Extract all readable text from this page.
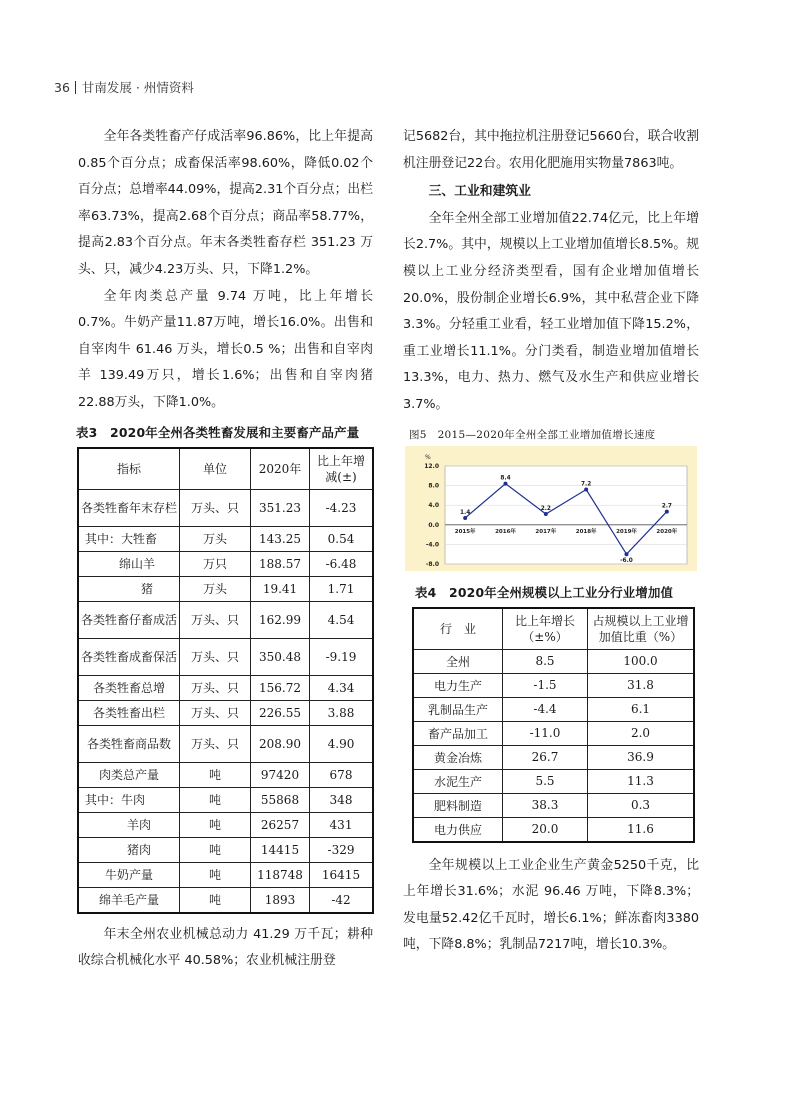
36 甘南发展 · 州情资料

全年各类牲畜产仔成活率96.86%，比上年提高0.85个百分点；成畜保活率98.60%，降低0.02个百分点；总增率44.09%，提高2.31个百分点；出栏率63.73%，提高2.68个百分点；商品率58.77%，提高2.83个百分点。年末各类牲畜存栏 351.23 万头、只，减少4.23万头、只，下降1.2%。

全年肉类总产量 9.74 万吨，比上年增长0.7%。牛奶产量11.87万吨，增长16.0%。出售和自宰肉牛 61.46 万头，增长0.5 %；出售和自宰肉羊 139.49万只，增长1.6%；出售和自宰肉猪22.88万头，下降1.0%。

表3　2020年全州各类牲畜发展和主要畜产品产量
指标	单位	2020年	比上年增减(±)
各类牲畜年末存栏	万头、只	351.23	-4.23
其中：大牲畜	万头	143.25	0.54
绵山羊	万只	188.57	-6.48
猪	万头	19.41	1.71
各类牲畜仔畜成活	万头、只	162.99	4.54
各类牲畜成畜保活	万头、只	350.48	-9.19
各类牲畜总增	万头、只	156.72	4.34
各类牲畜出栏	万头、只	226.55	3.88
各类牲畜商品数	万头、只	208.90	4.90
肉类总产量	吨	97420	678
其中：牛肉	吨	55868	348
羊肉	吨	26257	431
猪肉	吨	14415	-329
牛奶产量	吨	118748	16415
绵羊毛产量	吨	1893	-42

年末全州农业机械总动力 41.29 万千瓦；耕种收综合机械化水平 40.58%；农业机械注册登

记5682台，其中拖拉机注册登记5660台，联合收割机注册登记22台。农用化肥施用实物量7863吨。

三、工业和建筑业

全年全州全部工业增加值22.74亿元，比上年增长2.7%。其中，规模以上工业增加值增长8.5%。规模以上工业分经济类型看，国有企业增加值增长20.0%，股份制企业增长6.9%，其中私营企业下降3.3%。分轻重工业看，轻工业增加值下降15.2%，重工业增长11.1%。分门类看，制造业增加值增长13.3%，电力、热力、燃气及水生产和供应业增长3.7%。

图5　2015—2020年全州全部工业增加值增长速度
%
12.0
8.0
4.0
0.0
-4.0
-8.0
2015年	2016年	2017年	2018年	2019年	2020年
1.4
8.4
2.2
7.2
-6.0
2.7
表4　2020年全州规模以上工业分行业增加值
行　业	比上年增长（±%）	占规模以上工业增加值比重（%）
全州	8.5	100.0
电力生产	-1.5	31.8
乳制品生产	-4.4	6.1
畜产品加工	-11.0	2.0
黄金冶炼	26.7	36.9
水泥生产	5.5	11.3
肥料制造	38.3	0.3
电力供应	20.0	11.6

全年规模以上工业企业生产黄金5250千克，比上年增长31.6%；水泥 96.46 万吨，下降8.3%；发电量52.42亿千瓦时，增长6.1%；鲜冻畜肉3380吨，下降8.8%；乳制品7217吨，增长10.3%。
